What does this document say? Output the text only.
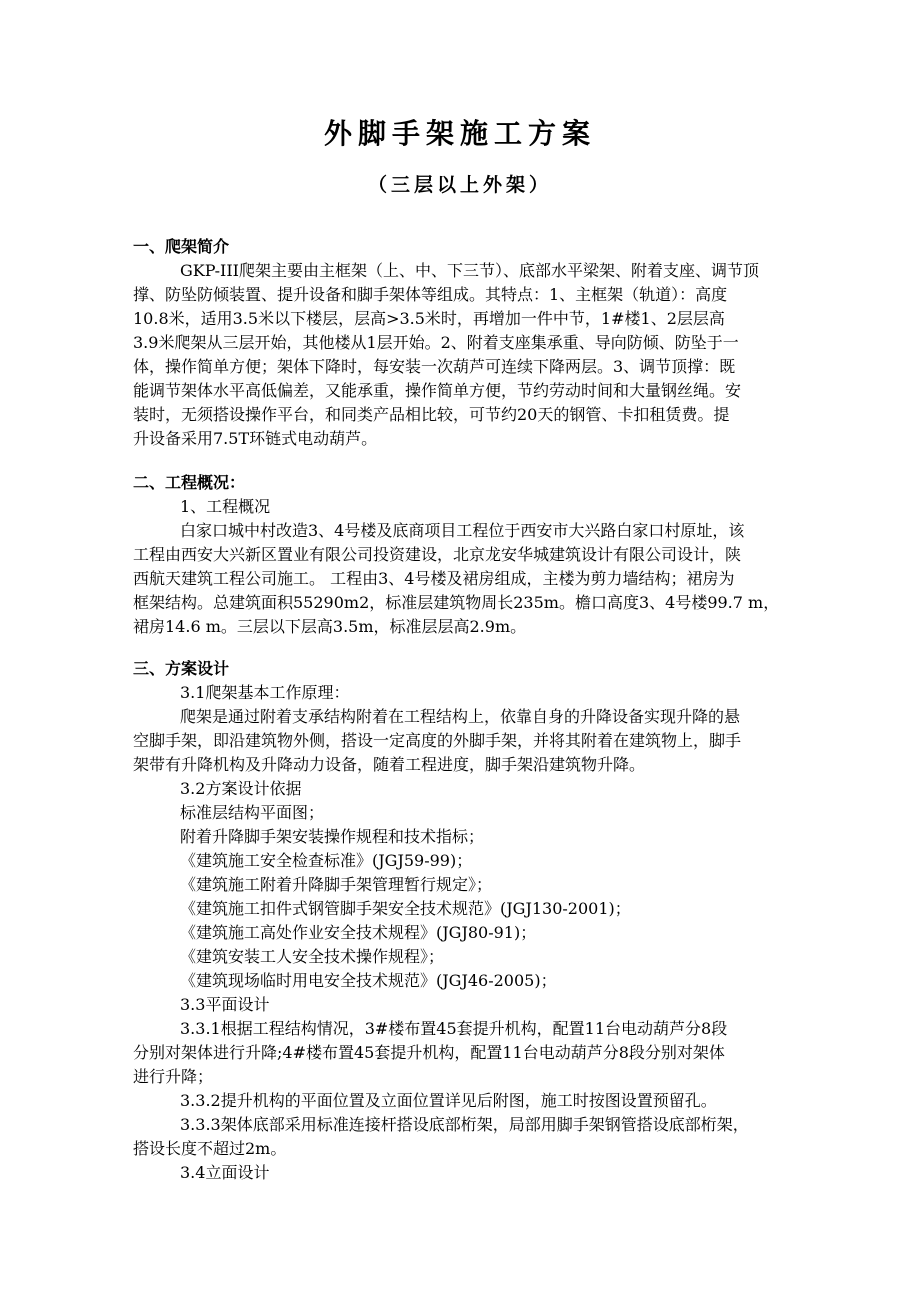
外脚手架施工方案
（三层以上外架）
一、爬架简介
GKP-III爬架主要由主框架（上、中、下三节）、底部水平梁架、附着支座、调节顶
撑、防坠防倾装置、提升设备和脚手架体等组成。其特点：1、主框架（轨道）：高度
10.8米，适用3.5米以下楼层，层高>3.5米时，再增加一件中节，1#楼1、2层层高
3.9米爬架从三层开始，其他楼从1层开始。2、附着支座集承重、导向防倾、防坠于一
体，操作简单方便；架体下降时，每安装一次葫芦可连续下降两层。3、调节顶撑：既
能调节架体水平高低偏差，又能承重，操作简单方便，节约劳动时间和大量钢丝绳。安
装时，无须搭设操作平台，和同类产品相比较，可节约20天的钢管、卡扣租赁费。提
升设备采用7.5T环链式电动葫芦。
二、工程概况：
1、工程概况
白家口城中村改造3、4号楼及底商项目工程位于西安市大兴路白家口村原址，该
工程由西安大兴新区置业有限公司投资建设，北京龙安华城建筑设计有限公司设计，陕
西航天建筑工程公司施工。 工程由3、4号楼及裙房组成，主楼为剪力墙结构；裙房为
框架结构。总建筑面积55290m2，标准层建筑物周长235m。檐口高度3、4号楼99.7 m，
裙房14.6 m。三层以下层高3.5m，标准层层高2.9m。
三、方案设计
3.1爬架基本工作原理：
爬架是通过附着支承结构附着在工程结构上，依靠自身的升降设备实现升降的悬
空脚手架，即沿建筑物外侧，搭设一定高度的外脚手架，并将其附着在建筑物上，脚手
架带有升降机构及升降动力设备，随着工程进度，脚手架沿建筑物升降。
3.2方案设计依据
标准层结构平面图；
附着升降脚手架安装操作规程和技术指标；
《建筑施工安全检查标准》(JGJ59-99)；
《建筑施工附着升降脚手架管理暂行规定》；
《建筑施工扣件式钢管脚手架安全技术规范》(JGJ130-2001)；
《建筑施工高处作业安全技术规程》(JGJ80-91)；
《建筑安装工人安全技术操作规程》；
《建筑现场临时用电安全技术规范》(JGJ46-2005)；
3.3平面设计
3.3.1根据工程结构情况，3#楼布置45套提升机构，配置11台电动葫芦分8段
分别对架体进行升降;4#楼布置45套提升机构，配置11台电动葫芦分8段分别对架体
进行升降；
3.3.2提升机构的平面位置及立面位置详见后附图，施工时按图设置预留孔。
3.3.3架体底部采用标准连接杆搭设底部桁架，局部用脚手架钢管搭设底部桁架，
搭设长度不超过2m。
3.4立面设计
